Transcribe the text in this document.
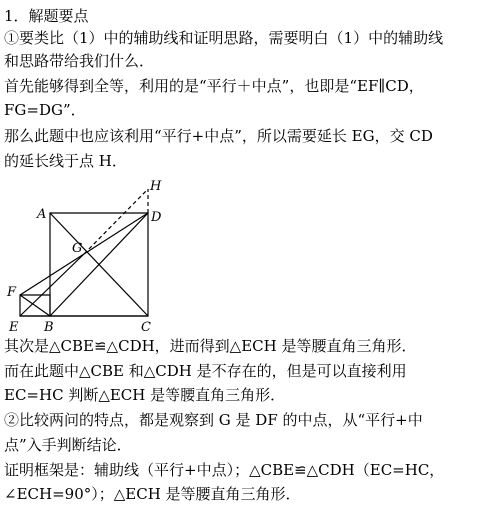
1．解题要点
①要类比（1）中的辅助线和证明思路，需要明白（1）中的辅助线
和思路带给我们什么．
首先能够得到全等，利用的是“平行＋中点”，也即是“EF∥CD，
FG=DG”．
那么此题中也应该利用“平行+中点”，所以需要延长 EG，交 CD
的延长线于点 H．
其次是△CBE≌△CDH，进而得到△ECH 是等腰直角三角形．
而在此题中△CBE 和△CDH 是不存在的，但是可以直接利用
EC=HC 判断△ECH 是等腰直角三角形．
②比较两问的特点，都是观察到 G 是 DF 的中点，从“平行+中
点”入手判断结论．
证明框架是：辅助线（平行+中点）；△CBE≌△CDH（EC=HC，
∠ECH=90°）；△ECH 是等腰直角三角形．
H
A	D
G
F
E B	C
